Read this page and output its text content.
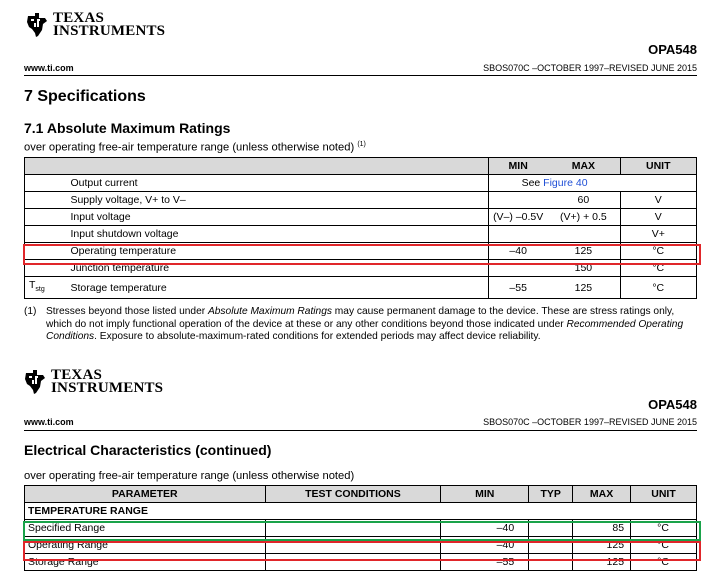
TEXAS
INSTRUMENTS
OPA548
www.ti.com	SBOS070C –OCTOBER 1997–REVISED JUNE 2015
7 Specifications
7.1 Absolute Maximum Ratings
over operating free-air temperature range (unless otherwise noted) $^{(1)}$
		MIN	MAX	UNIT
	Output current	See Figure 40		
	Supply voltage, V+ to V–		60	V
	Input voltage	(V–) –0.5V	(V+) + 0.5	V
	Input shutdown voltage			V+
	Operating temperature	–40	125	°C
	Junction temperature		150	°C
$T_{stg}$	Storage temperature	–55	125	°C
(1) Stresses beyond those listed under Absolute Maximum Ratings may cause permanent damage to the device. These are stress ratings only, which do not imply functional operation of the device at these or any other conditions beyond those indicated under Recommended Operating Conditions. Exposure to absolute-maximum-rated conditions for extended periods may affect device reliability.
TEXAS
INSTRUMENTS
OPA548
www.ti.com	SBOS070C –OCTOBER 1997–REVISED JUNE 2015
Electrical Characteristics (continued)
over operating free-air temperature range (unless otherwise noted)
PARAMETER	TEST CONDITIONS	MIN	TYP	MAX	UNIT
TEMPERATURE RANGE					
Specified Range		–40		85	°C
Operating Range		–40		125	°C
Storage Range		–55		125	°C
